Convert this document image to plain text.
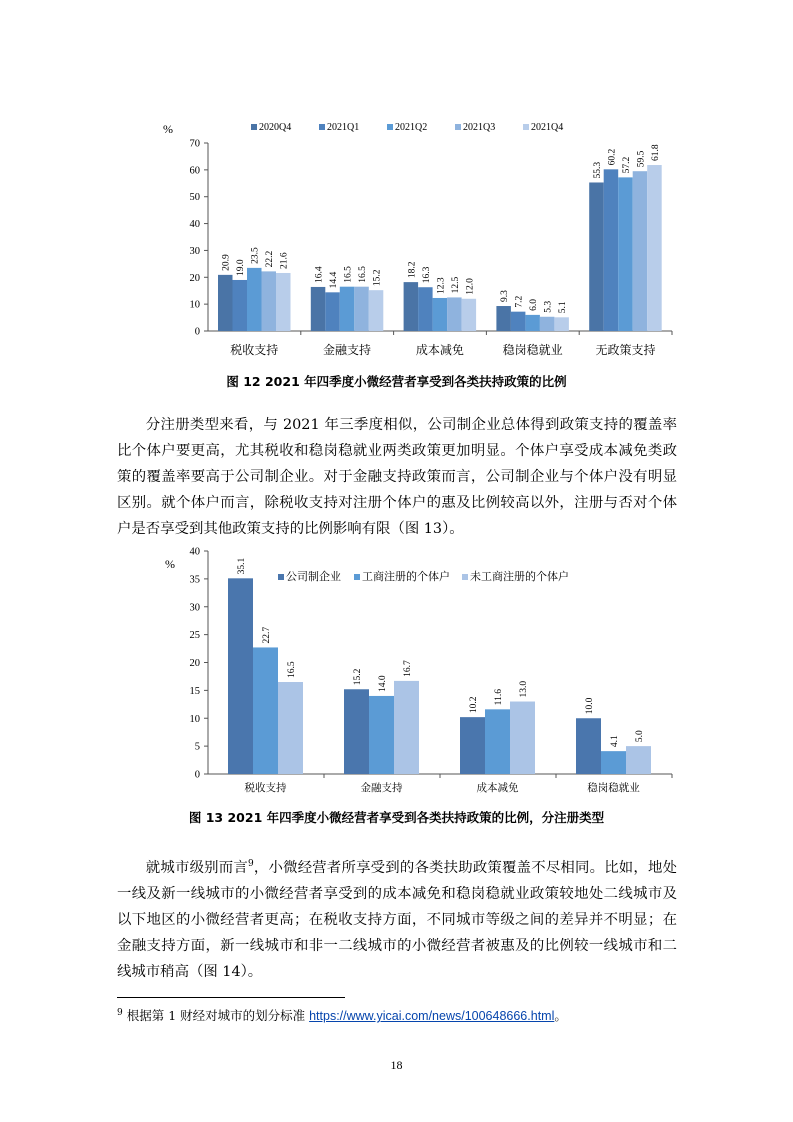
0
10
20
30
40
50
60
70
%
20.9 19.0
23.5 22.2 21.6
税收支持
16.4 14.4 16.5 16.5 15.2
金融支持
18.2 16.3
12.3 12.5 12.0
成本减免
9.3 7.2 6.0 5.3 5.1
稳岗稳就业
55.3
60.2 57.2 59.5 61.8
无政策支持
2020Q4	2021Q1	2021Q2	2021Q3	2021Q4
0
5
10
15
20
25
30
35
40
%	35.1
22.7
16.5
税收支持
15.2 14.0
16.7
金融支持
10.2 11.6 13.0
成本减免
10.0
4.1 5.0
稳岗稳就业
公司制企业 工商注册的个体户 未工商注册的个体户
图 12 2021 年四季度小微经营者享受到各类扶持政策的比例

分注册类型来看，与 2021 年三季度相似，公司制企业总体得到政策支持的覆盖率比个体户要更高，尤其税收和稳岗稳就业两类政策更加明显。个体户享受成本减免类政策的覆盖率要高于公司制企业。对于金融支持政策而言，公司制企业与个体户没有明显区别。就个体户而言，除税收支持对注册个体户的惠及比例较高以外，注册与否对个体户是否享受到其他政策支持的比例影响有限（图 13）。

图 13 2021 年四季度小微经营者享受到各类扶持政策的比例，分注册类型

就城市级别而言$^9$，小微经营者所享受到的各类扶助政策覆盖不尽相同。比如，地处一线及新一线城市的小微经营者享受到的成本减免和稳岗稳就业政策较地处二线城市及以下地区的小微经营者更高；在税收支持方面，不同城市等级之间的差异并不明显；在金融支持方面，新一线城市和非一二线城市的小微经营者被惠及的比例较一线城市和二线城市稍高（图 14）。

$^9$ 根据第 1 财经对城市的划分标准 https://www.yicai.com/news/100648666.html。
18
